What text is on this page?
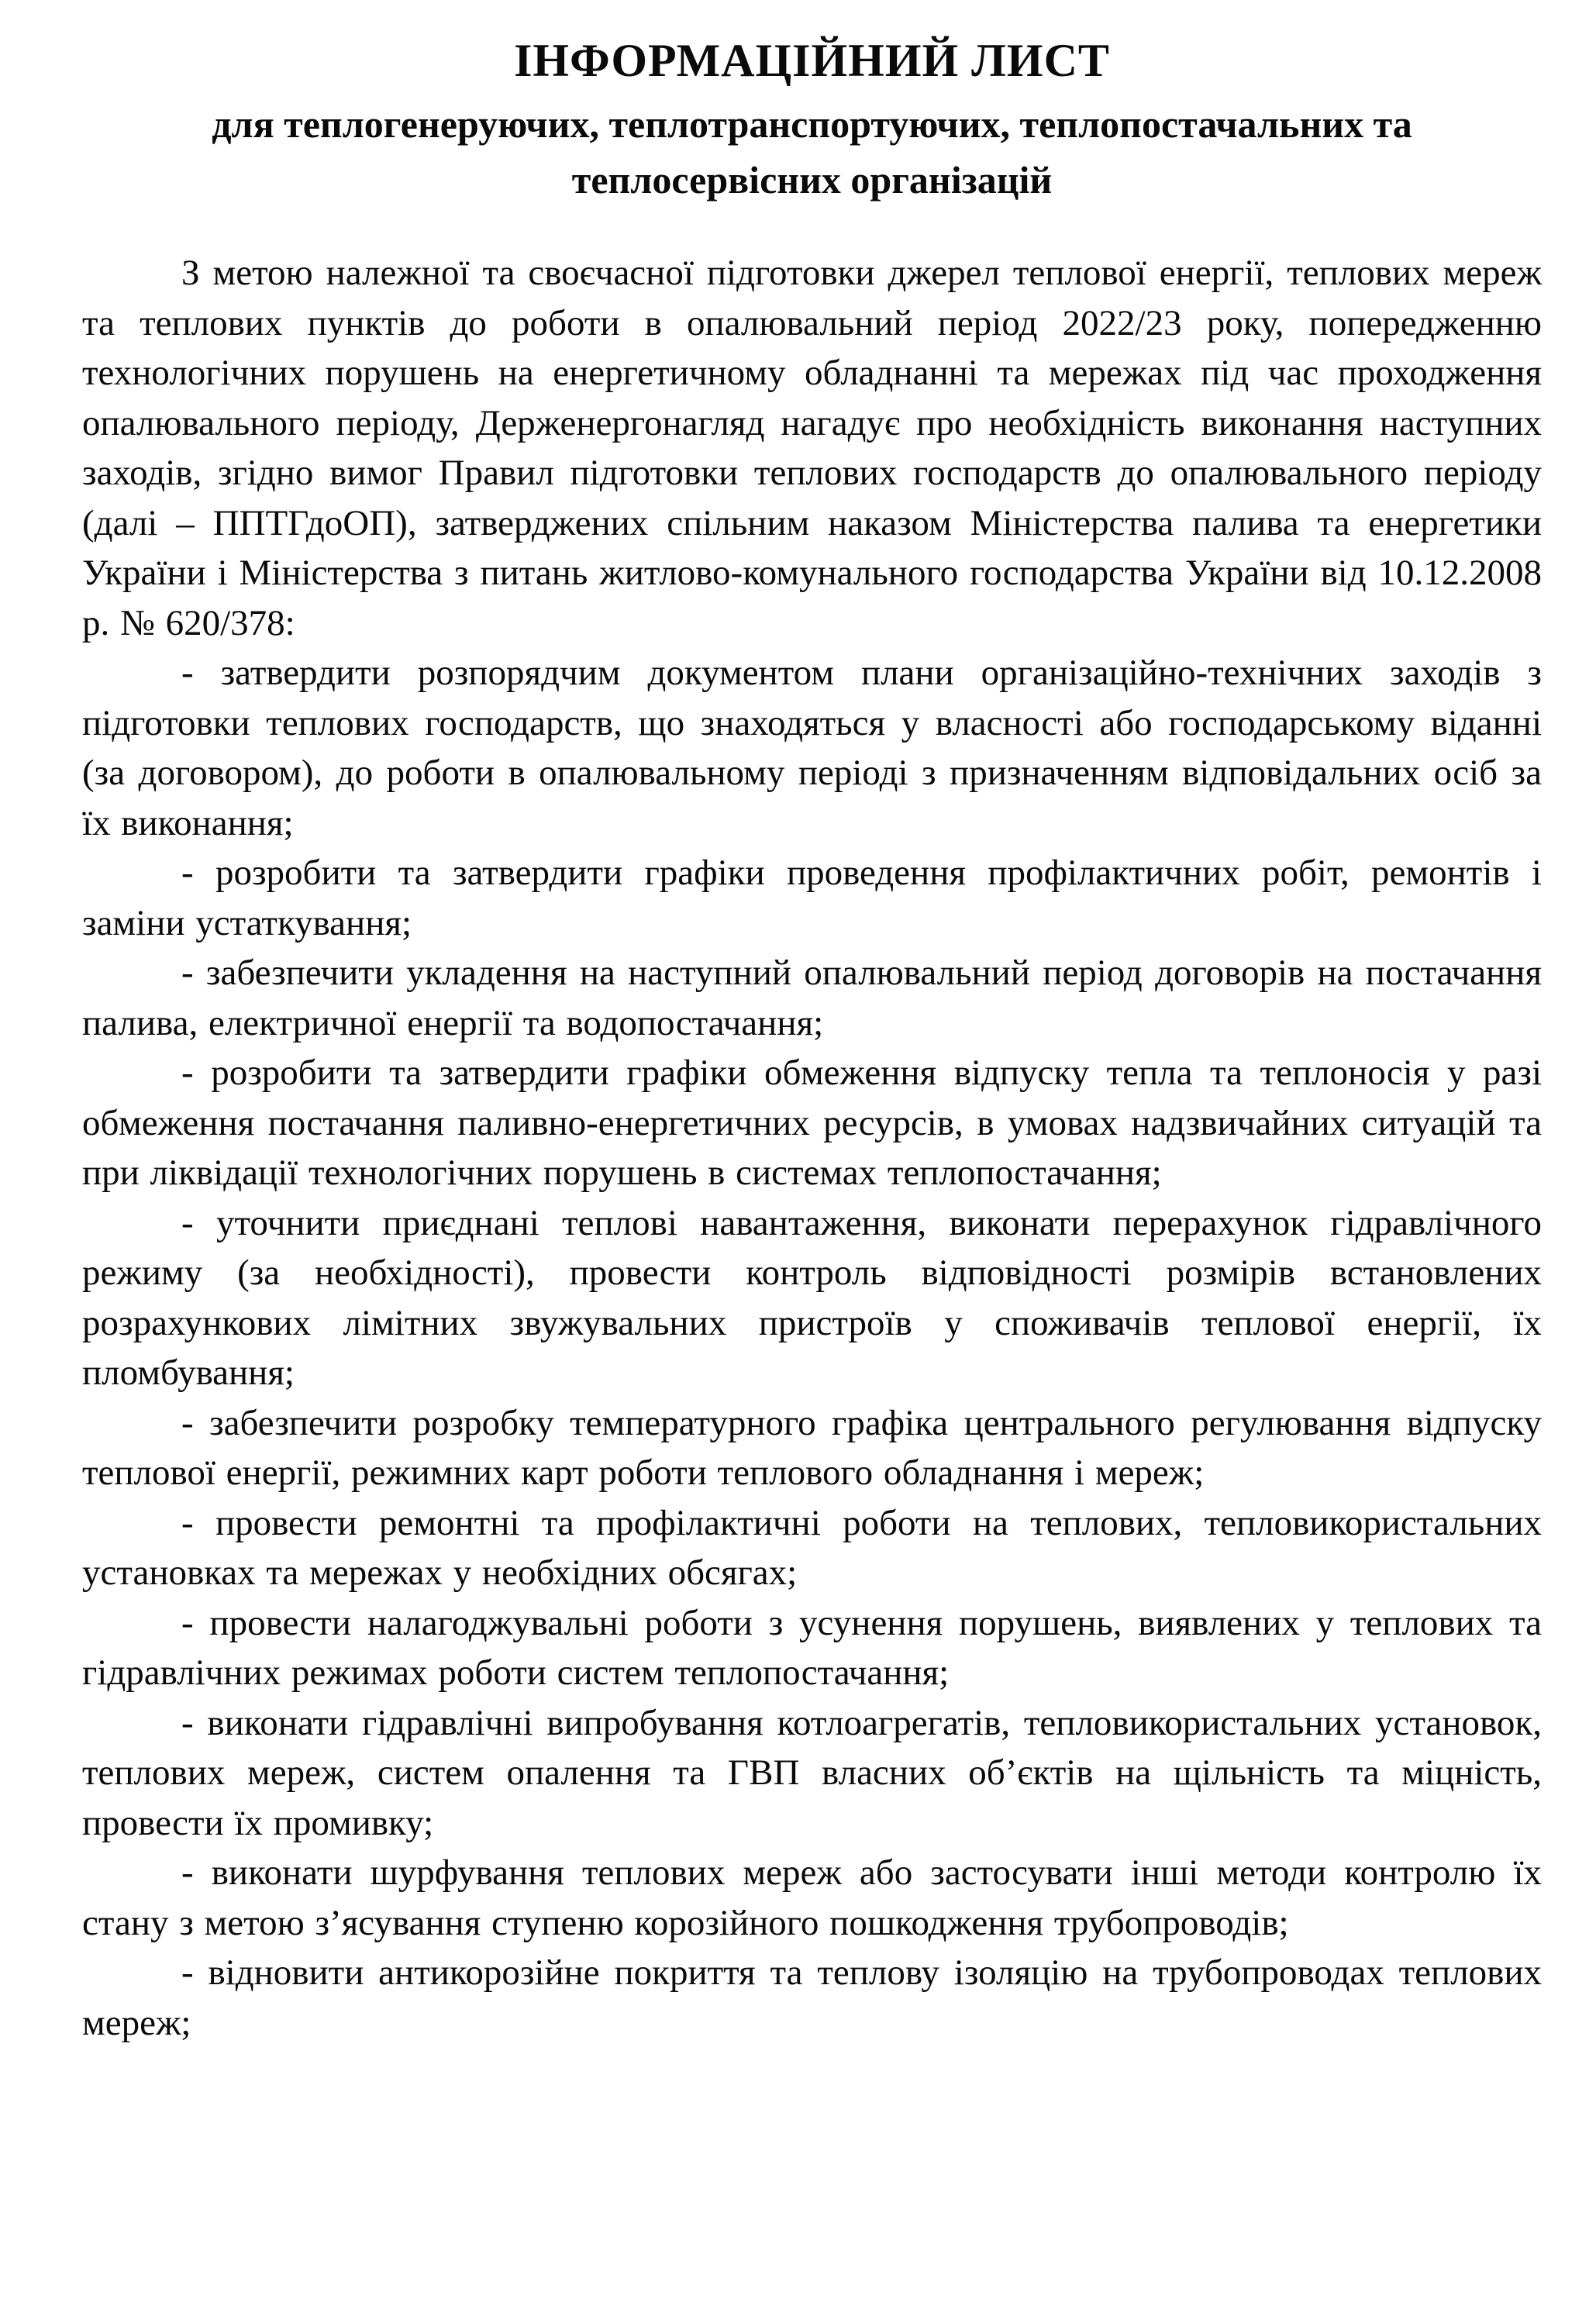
ІНФОРМАЦІЙНИЙ ЛИСТ
для теплогенеруючих, теплотранспортуючих, теплопостачальних та теплосервісних організацій

З метою належної та своєчасної підготовки джерел теплової енергії, теплових мереж та теплових пунктів до роботи в опалювальний період 2022/23 року, попередженню технологічних порушень на енергетичному обладнанні та мережах під час проходження опалювального періоду, Держенергонагляд нагадує про необхідність виконання наступних заходів, згідно вимог Правил підготовки теплових господарств до опалювального періоду (далі – ППТГдоОП), затверджених спільним наказом Міністерства палива та енергетики України і Міністерства з питань житлово-комунального господарства України від 10.12.2008 р. № 620/378:

- затвердити розпорядчим документом плани організаційно-технічних заходів з підготовки теплових господарств, що знаходяться у власності або господарському віданні (за договором), до роботи в опалювальному періоді з призначенням відповідальних осіб за їх виконання;

- розробити та затвердити графіки проведення профілактичних робіт, ремонтів і заміни устаткування;

- забезпечити укладення на наступний опалювальний період договорів на постачання палива, електричної енергії та водопостачання;

- розробити та затвердити графіки обмеження відпуску тепла та теплоносія у разі обмеження постачання паливно-енергетичних ресурсів, в умовах надзвичайних ситуацій та при ліквідації технологічних порушень в системах теплопостачання;

- уточнити приєднані теплові навантаження, виконати перерахунок гідравлічного режиму (за необхідності), провести контроль відповідності розмірів встановлених розрахункових лімітних звужувальних пристроїв у споживачів теплової енергії, їх пломбування;

- забезпечити розробку температурного графіка центрального регулювання відпуску теплової енергії, режимних карт роботи теплового обладнання і мереж;

- провести ремонтні та профілактичні роботи на теплових, тепловикористальних установках та мережах у необхідних обсягах;

- провести налагоджувальні роботи з усунення порушень, виявлених у теплових та гідравлічних режимах роботи систем теплопостачання;

- виконати гідравлічні випробування котлоагрегатів, тепловикористальних установок, теплових мереж, систем опалення та ГВП власних об’єктів на щільність та міцність, провести їх промивку;

- виконати шурфування теплових мереж або застосувати інші методи контролю їх стану з метою з’ясування ступеню корозійного пошкодження трубопроводів;

- відновити антикорозійне покриття та теплову ізоляцію на трубопроводах теплових мереж;
